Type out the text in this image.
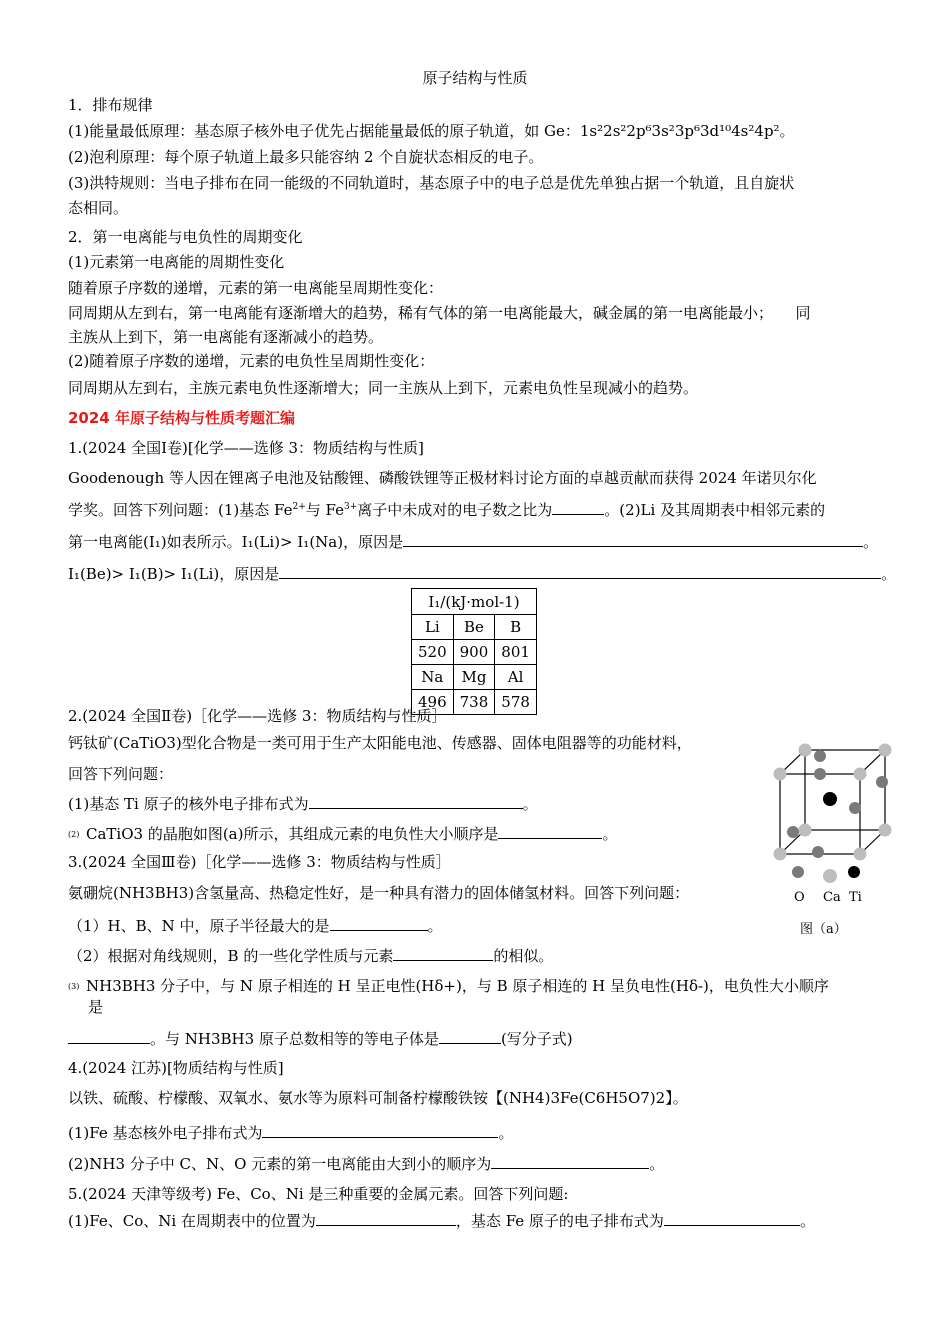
原子结构与性质
1．排布规律
(1)能量最低原理：基态原子核外电子优先占据能量最低的原子轨道，如 Ge：1s²2s²2p⁶3s²3p⁶3d¹⁰4s²4p²。
(2)泡利原理：每个原子轨道上最多只能容纳 2 个自旋状态相反的电子。
(3)洪特规则：当电子排布在同一能级的不同轨道时，基态原子中的电子总是优先单独占据一个轨道，且自旋状
态相同。
2．第一电离能与电负性的周期变化
(1)元素第一电离能的周期性变化
随着原子序数的递增，元素的第一电离能呈周期性变化：
同周期从左到右，第一电离能有逐渐增大的趋势，稀有气体的第一电离能最大，碱金属的第一电离能最小；　　同
主族从上到下，第一电离能有逐渐减小的趋势。
(2)随着原子序数的递增，元素的电负性呈周期性变化：
同周期从左到右，主族元素电负性逐渐增大；同一主族从上到下，元素电负性呈现减小的趋势。
2024 年原子结构与性质考题汇编
1.(2024 全国Ⅰ卷)[化学——选修 3：物质结构与性质]
Goodenough 等人因在锂离子电池及钴酸锂、磷酸铁锂等正极材料讨论方面的卓越贡献而获得 2024 年诺贝尔化
学奖。回答下列问题：(1)基态 $Fe^{2+}$与 $Fe^{3+}$离子中未成对的电子数之比为	。(2)Li 及其周期表中相邻元素的
第一电离能(I₁)如表所示。I₁(Li)> I₁(Na)，原因是	。
I₁(Be)> I₁(B)> I₁(Li)，原因是	。
I₁/(kJ·mol-1)		
Li	Be	B
520	900	801
Na	Mg	Al
496	738	578
2.(2024 全国Ⅱ卷)［化学——选修 3：物质结构与性质］
钙钛矿(CaTiO3)型化合物是一类可用于生产太阳能电池、传感器、固体电阻器等的功能材料，
回答下列问题：
(1)基态 Ti 原子的核外电子排布式为	。
(2) CaTiO3 的晶胞如图(a)所示，其组成元素的电负性大小顺序是	。
O Ca Ti
图（a）
3.(2024 全国Ⅲ卷)［化学——选修 3：物质结构与性质］
氨硼烷(NH3BH3)含氢量高、热稳定性好，是一种具有潜力的固体储氢材料。回答下列问题：
（1）H、B、N 中，原子半径最大的是	。
（2）根据对角线规则，B 的一些化学性质与元素	的相似。
(3) NH3BH3 分子中，与 N 原子相连的 H 呈正电性(Hδ+)，与 B 原子相连的 H 呈负电性(Hδ-)，电负性大小顺序
是
。与 NH3BH3 原子总数相等的等电子体是	(写分子式)
4.(2024 江苏)[物质结构与性质]
以铁、硫酸、柠檬酸、双氧水、氨水等为原料可制备柠檬酸铁铵【(NH4)3Fe(C6H5O7)2】。
(1)Fe 基态核外电子排布式为	。
(2)NH3 分子中 C、N、O 元素的第一电离能由大到小的顺序为	。
5.(2024 天津等级考) Fe、Co、Ni 是三种重要的金属元素。回答下列问题:
(1)Fe、Co、Ni 在周期表中的位置为	，基态 Fe 原子的电子排布式为	。
